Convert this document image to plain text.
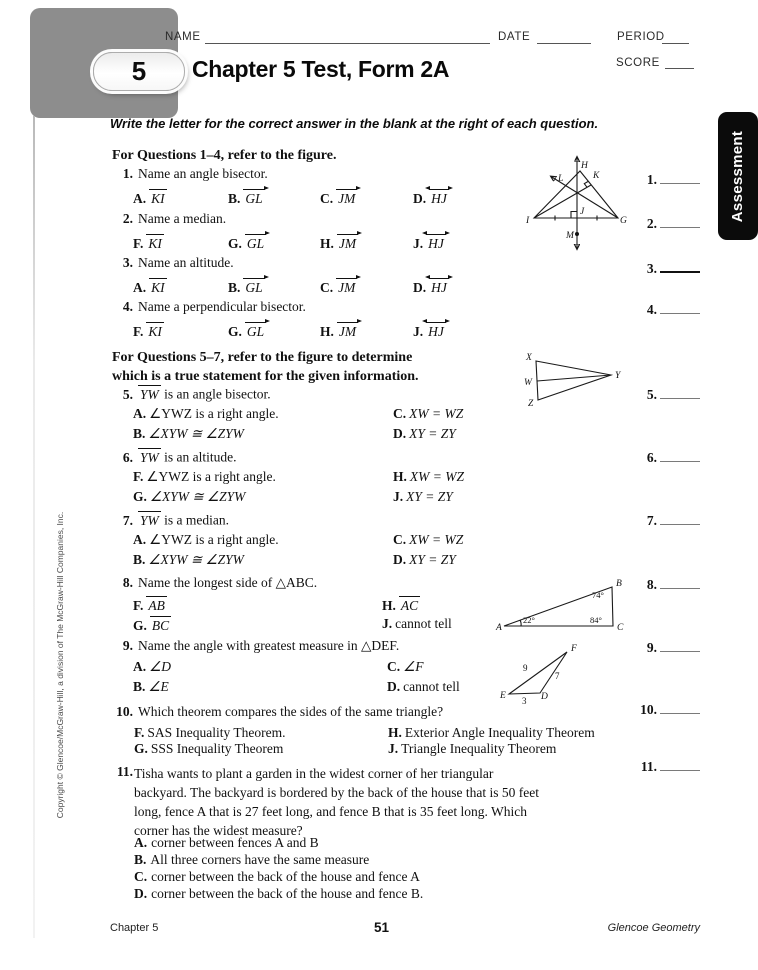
5 Chapter 5 Test, Form 2A
NAME	DATE	PERIOD
SCORE
Write the letter for the correct answer in the blank at the right of each question.
For Questions 1–4, refer to the figure.
1. Name an angle bisector.
A. KI	B. GL	C. JM	D. HJ
2. Name a median.
F. KI	G. GL	H. JM	J. HJ
3. Name an altitude.
A. KI	B. GL	C. JM	D. HJ
4. Name a perpendicular bisector.
F. KI	G. GL	H. JM	J. HJ
H
K
L
I
J
G
M
For Questions 5–7, refer to the figure to determine
which is a true statement for the given information.
5. YW is an angle bisector.
A. ∠YWZ is a right angle.	C. XW = WZ
B. ∠XYW ≅ ∠ZYW	D. XY = ZY
6. YW is an altitude.
F. ∠YWZ is a right angle.	H. XW = WZ
G. ∠XYW ≅ ∠ZYW	J. XY = ZY
7. YW is a median.
A. ∠YWZ is a right angle.	C. XW = WZ
B. ∠XYW ≅ ∠ZYW	D. XY = ZY
X
W
Z
Y
8. Name the longest side of △ABC.
F. AB	H. AC
G. BC	J. cannot tell	A
B
C
22°
74°
84°
9. Name the angle with greatest measure in △DEF.
A. ∠D	C. ∠F
B. ∠E	D. cannot tell
E	D
F
9
7
3
10. Which theorem compares the sides of the same triangle?
F. SAS Inequality Theorem.	H. Exterior Angle Inequality Theorem
G. SSS Inequality Theorem	J. Triangle Inequality Theorem
11. Tisha wants to plant a garden in the widest corner of her triangular
backyard. The backyard is bordered by the back of the house that is 50 feet
long, fence A that is 27 feet long, and fence B that is 35 feet long. Which
corner has the widest measure?
A. corner between fences A and B
B. All three corners have the same measure
C. corner between the back of the house and fence A
D. corner between the back of the house and fence B.
1.
2.
3.
4.
5.
6.
7.
8.
9.
10.
11.
Assessment
Copyright © Glencoe/McGraw-Hill, a division of The McGraw-Hill Companies, Inc.
Chapter 5	51	Glencoe Geometry
